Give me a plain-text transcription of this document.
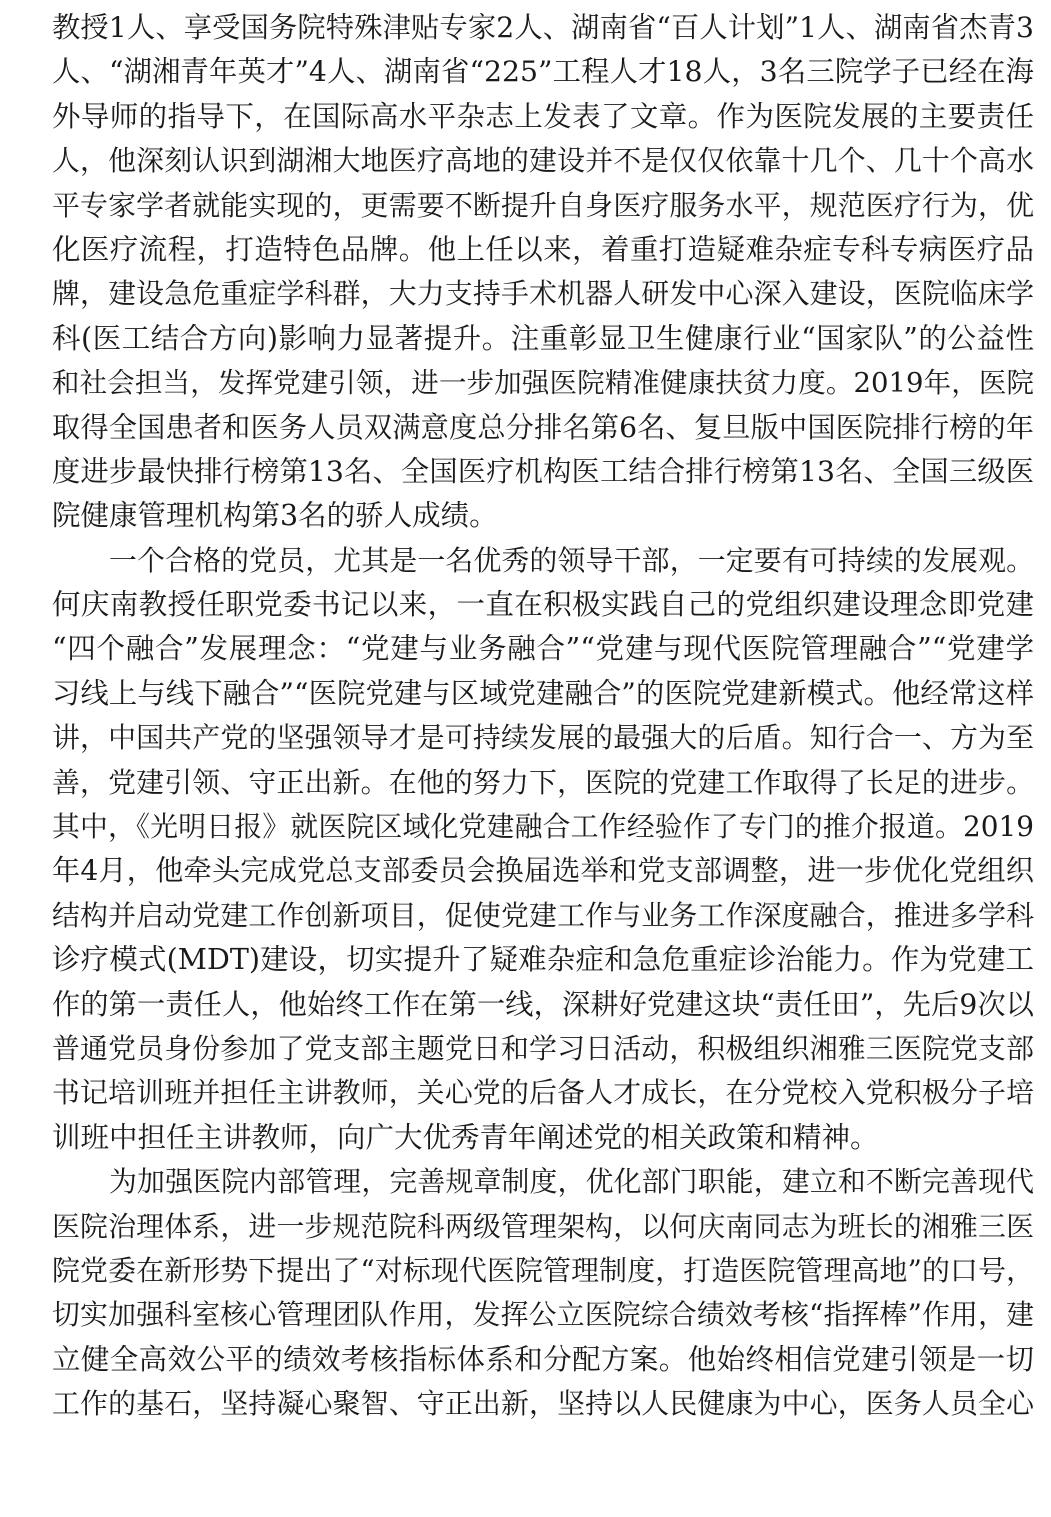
教授1人、享受国务院特殊津贴专家2人、湖南省“百人计划”1人、湖南省杰青3
人、“湖湘青年英才”4人、湖南省“225”工程人才18人，3名三院学子已经在海
外导师的指导下，在国际高水平杂志上发表了文章。作为医院发展的主要责任
人，他深刻认识到湖湘大地医疗高地的建设并不是仅仅依靠十几个、几十个高水
平专家学者就能实现的，更需要不断提升自身医疗服务水平，规范医疗行为，优
化医疗流程，打造特色品牌。他上任以来，着重打造疑难杂症专科专病医疗品
牌，建设急危重症学科群，大力支持手术机器人研发中心深入建设，医院临床学
科(医工结合方向)影响力显著提升。注重彰显卫生健康行业“国家队”的公益性
和社会担当，发挥党建引领，进一步加强医院精准健康扶贫力度。2019年，医院
取得全国患者和医务人员双满意度总分排名第6名、复旦版中国医院排行榜的年
度进步最快排行榜第13名、全国医疗机构医工结合排行榜第13名、全国三级医
院健康管理机构第3名的骄人成绩。
一个合格的党员，尤其是一名优秀的领导干部，一定要有可持续的发展观。
何庆南教授任职党委书记以来，一直在积极实践自己的党组织建设理念即党建
“四个融合”发展理念：“党建与业务融合”“党建与现代医院管理融合”“党建学
习线上与线下融合”“医院党建与区域党建融合”的医院党建新模式。他经常这样
讲，中国共产党的坚强领导才是可持续发展的最强大的后盾。知行合一、方为至
善，党建引领、守正出新。在他的努力下，医院的党建工作取得了长足的进步。
其中，《光明日报》就医院区域化党建融合工作经验作了专门的推介报道。2019
年4月，他牵头完成党总支部委员会换届选举和党支部调整，进一步优化党组织
结构并启动党建工作创新项目，促使党建工作与业务工作深度融合，推进多学科
诊疗模式(MDT)建设，切实提升了疑难杂症和急危重症诊治能力。作为党建工
作的第一责任人，他始终工作在第一线，深耕好党建这块“责任田”，先后9次以
普通党员身份参加了党支部主题党日和学习日活动，积极组织湘雅三医院党支部
书记培训班并担任主讲教师，关心党的后备人才成长，在分党校入党积极分子培
训班中担任主讲教师，向广大优秀青年阐述党的相关政策和精神。
为加强医院内部管理，完善规章制度，优化部门职能，建立和不断完善现代
医院治理体系，进一步规范院科两级管理架构，以何庆南同志为班长的湘雅三医
院党委在新形势下提出了“对标现代医院管理制度，打造医院管理高地”的口号，
切实加强科室核心管理团队作用，发挥公立医院综合绩效考核“指挥棒”作用，建
立健全高效公平的绩效考核指标体系和分配方案。他始终相信党建引领是一切
工作的基石，坚持凝心聚智、守正出新，坚持以人民健康为中心，医务人员全心
